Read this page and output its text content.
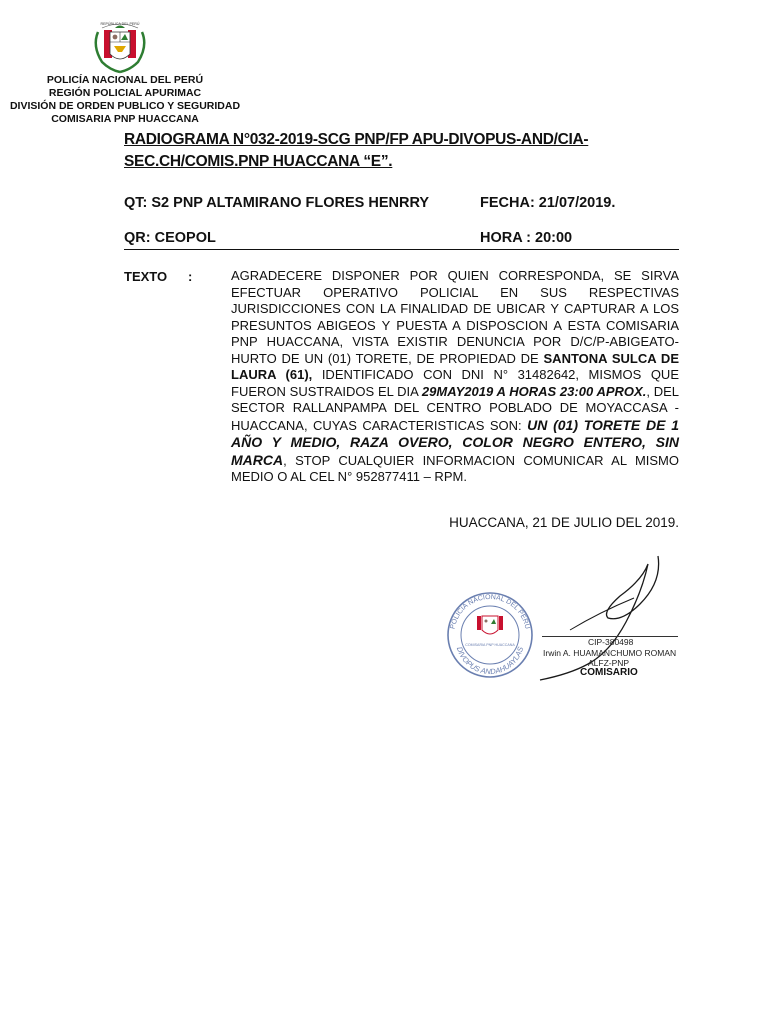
REPÚBLICA DEL PERÚ
POLICÍA NACIONAL DEL PERÚ
REGIÓN POLICIAL APURIMAC
DIVISIÓN DE ORDEN PUBLICO Y SEGURIDAD
COMISARIA PNP HUACCANA
RADIOGRAMA N°032-2019-SCG PNP/FP APU-DIVOPUS-AND/CIA-
SEC.CH/COMIS.PNP HUACCANA “E”.
QT: S2 PNP ALTAMIRANO FLORES HENRRY	FECHA: 21/07/2019.
QR: CEOPOL	HORA : 20:00
TEXTO :	AGRADECERE DISPONER POR QUIEN CORRESPONDA, SE SIRVA EFECTUAR OPERATIVO POLICIAL EN SUS RESPECTIVAS JURISDICCIONES CON LA FINALIDAD DE UBICAR Y CAPTURAR A LOS PRESUNTOS ABIGEOS Y PUESTA A DISPOSCION A ESTA COMISARIA PNP HUACCANA, VISTA EXISTIR DENUNCIA POR D/C/P-ABIGEATO-HURTO DE UN (01) TORETE, DE PROPIEDAD DE SANTONA SULCA DE LAURA (61), IDENTIFICADO CON DNI N° 31482642, MISMOS QUE FUERON SUSTRAIDOS EL DIA 29MAY2019 A HORAS 23:00 APROX., DEL SECTOR RALLANPAMPA DEL CENTRO POBLADO DE MOYACCASA - HUACCANA, CUYAS CARACTERISTICAS SON: UN (01) TORETE DE 1 AÑO Y MEDIO, RAZA OVERO, COLOR NEGRO ENTERO, SIN MARCA, STOP CUALQUIER INFORMACION COMUNICAR AL MISMO MEDIO O AL CEL N° 952877411 – RPM.
HUACCANA, 21 DE JULIO DEL 2019.
POLICIA NACIONAL DEL PERU
DIVOPUS ANDAHUAYLAS
COMISARIA PNP HUACCANA	CIP-380498
Irwin A. HUAMANCHUMO ROMAN
ALFZ-PNP
COMISARIO
